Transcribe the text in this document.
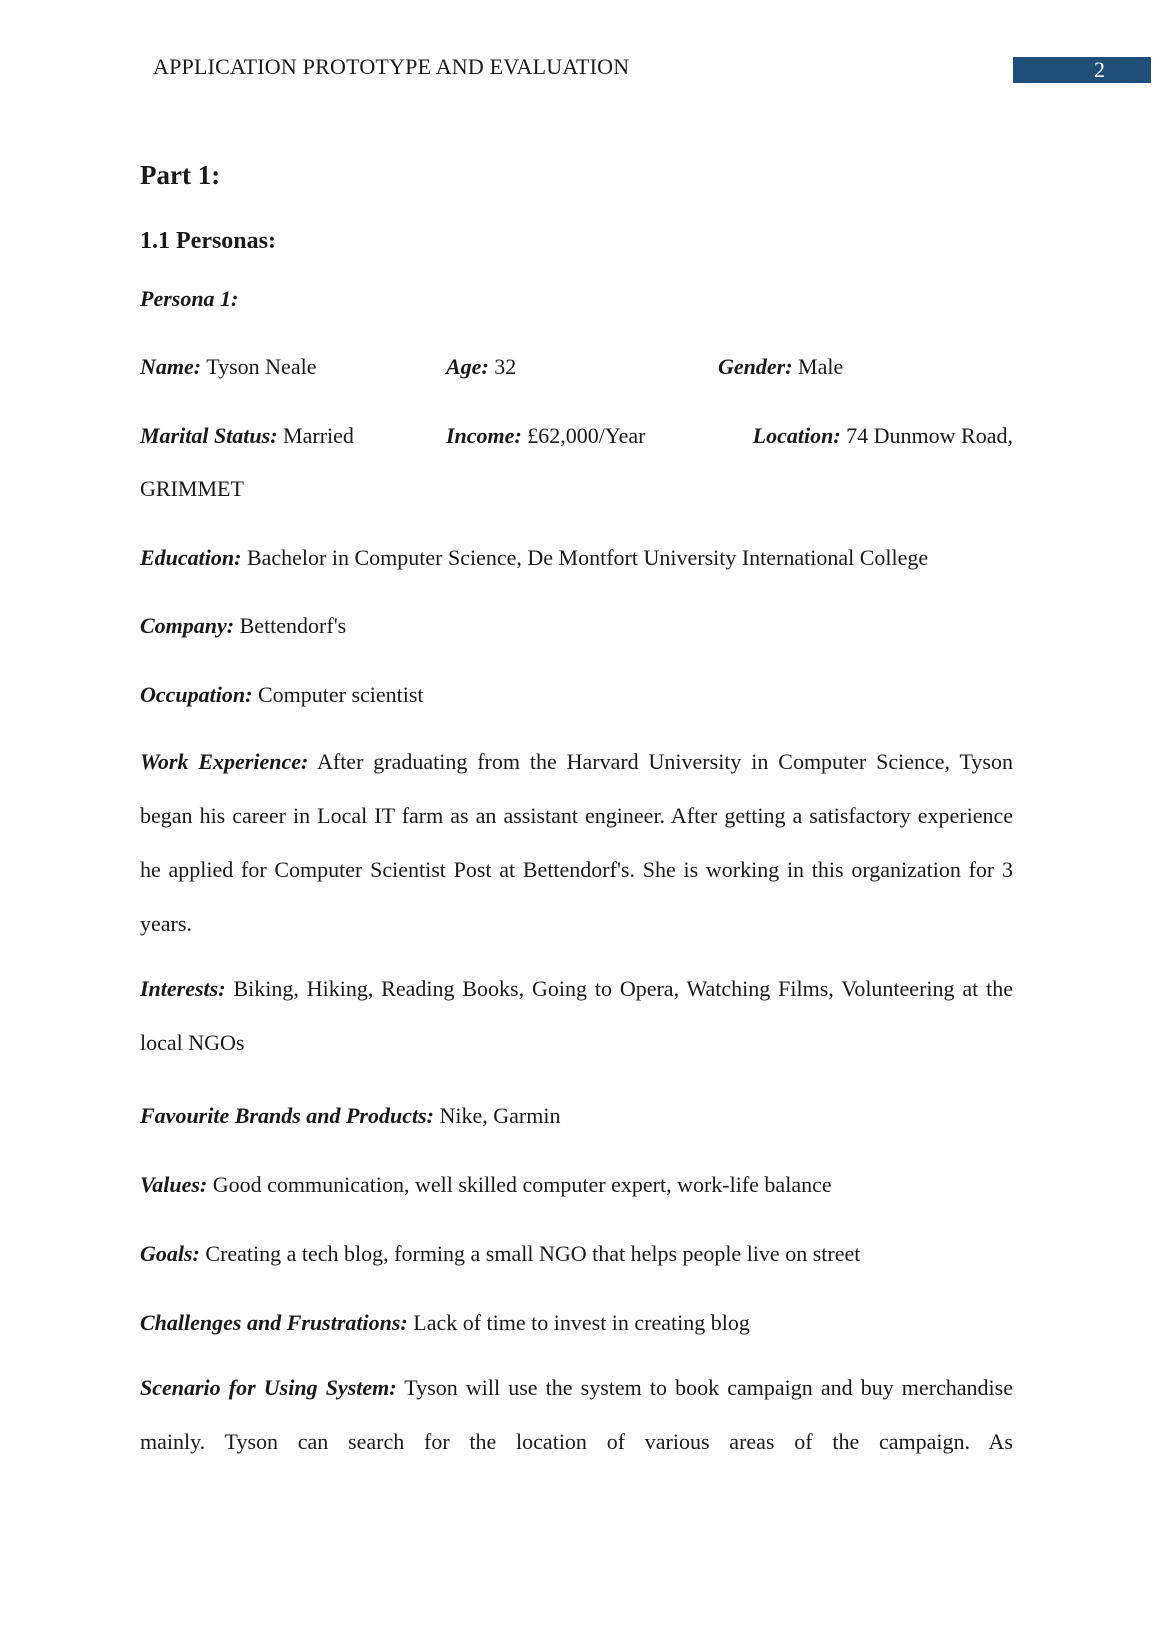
APPLICATION PROTOTYPE AND EVALUATION	2
Part 1:
1.1 Personas:
Persona 1:
Name: Tyson Neale	Age: 32	Gender: Male
Marital Status: Married	Income: £62,000/Year	Location: 74 Dunmow Road,
GRIMMET
Education: Bachelor in Computer Science, De Montfort University International College
Company: Bettendorf's
Occupation: Computer scientist
Work Experience: After graduating from the Harvard University in Computer Science, Tyson began his career in Local IT farm as an assistant engineer. After getting a satisfactory experience he applied for Computer Scientist Post at Bettendorf's. She is working in this organization for 3 years.
Interests: Biking, Hiking, Reading Books, Going to Opera, Watching Films, Volunteering at the local NGOs
Favourite Brands and Products: Nike, Garmin
Values: Good communication, well skilled computer expert, work-life balance
Goals: Creating a tech blog, forming a small NGO that helps people live on street
Challenges and Frustrations: Lack of time to invest in creating blog
Scenario for Using System: Tyson will use the system to book campaign and buy merchandise mainly. Tyson can search for the location of various areas of the campaign. As
